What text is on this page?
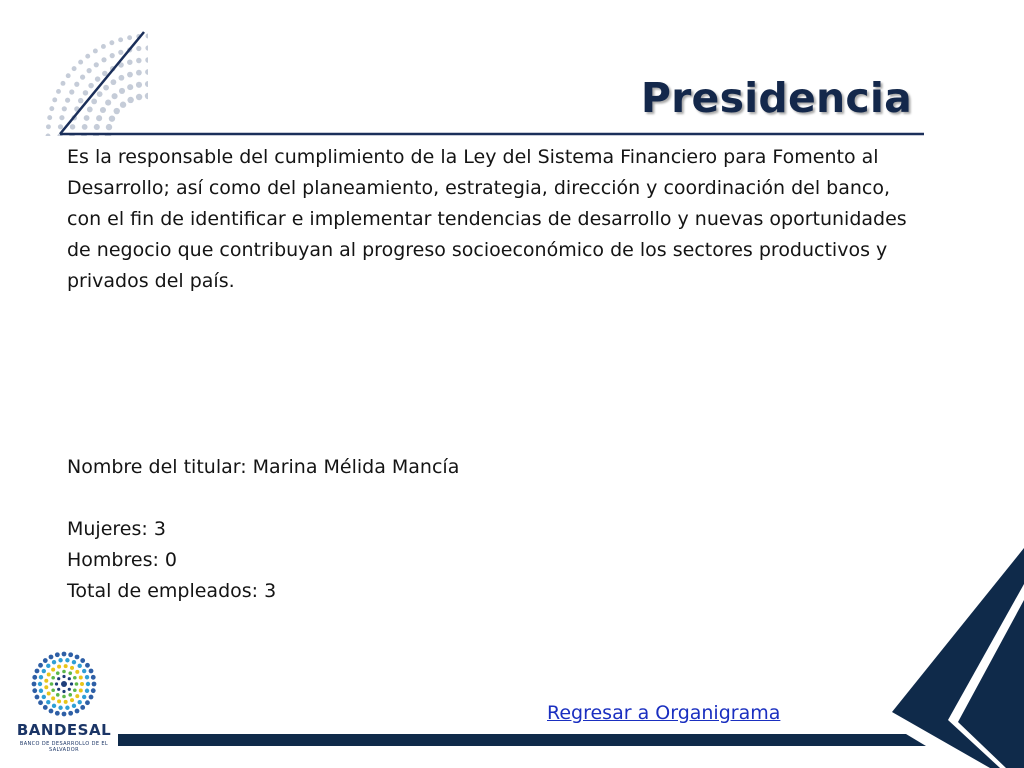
Presidencia

Es la responsable del cumplimiento de la Ley del Sistema Financiero para Fomento al Desarrollo; así como del planeamiento, estrategia, dirección y coordinación del banco, con el fin de identificar e implementar tendencias de desarrollo y nuevas oportunidades de negocio que contribuyan al progreso socioeconómico de los sectores productivos y privados del país.

Nombre del titular: Marina Mélida Mancía

Mujeres: 3

Hombres: 0

Total de empleados: 3

Regresar a Organigrama
BANDESAL
BANCO DE DESARROLLO DE EL SALVADOR
